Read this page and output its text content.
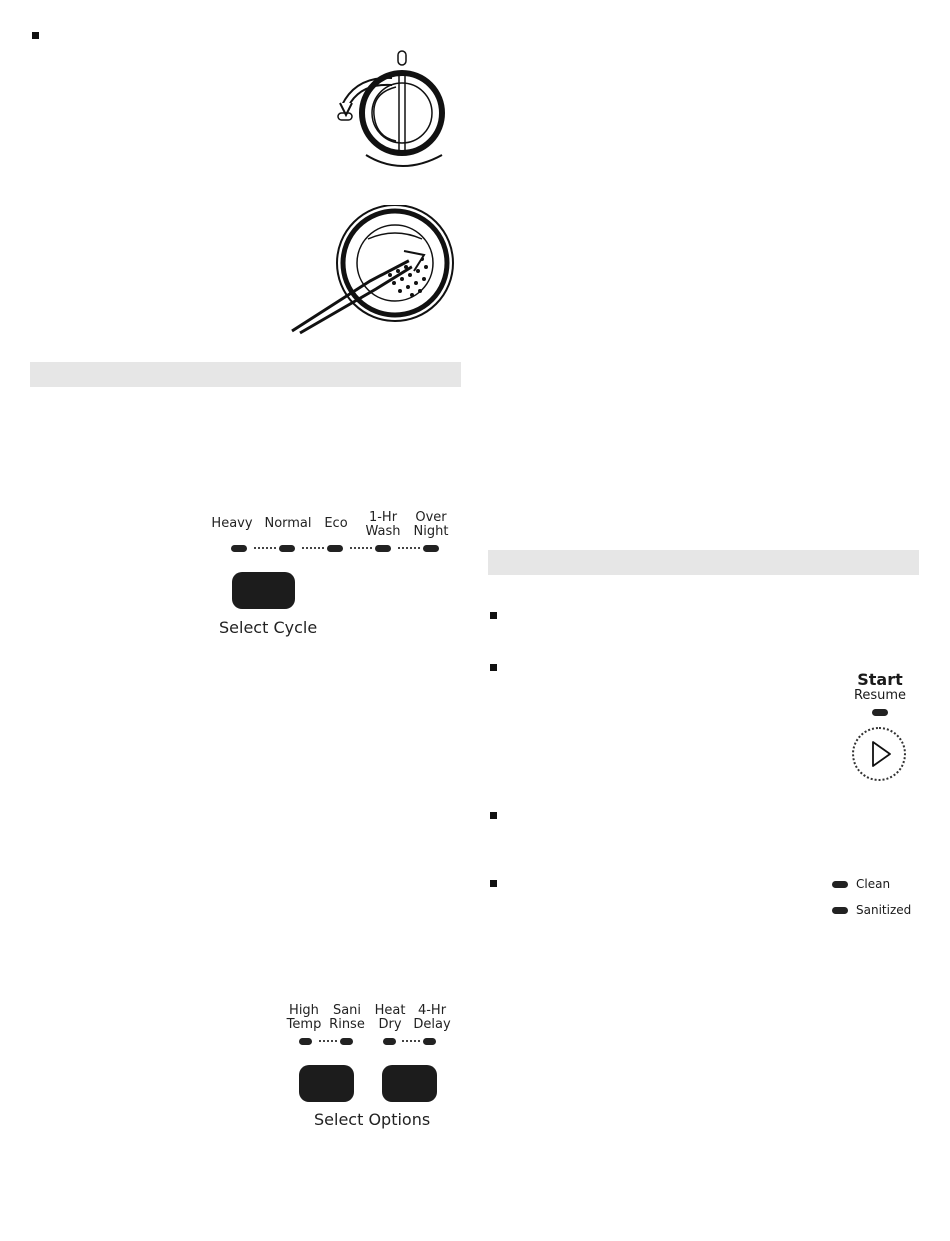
Heavy Normal Eco	1-Hr
Wash
Over
Night
Select Cycle
High
Temp
Sani
Rinse
Heat
Dry
4-Hr
Delay
Select Options
Start
Resume
Clean
Sanitized
